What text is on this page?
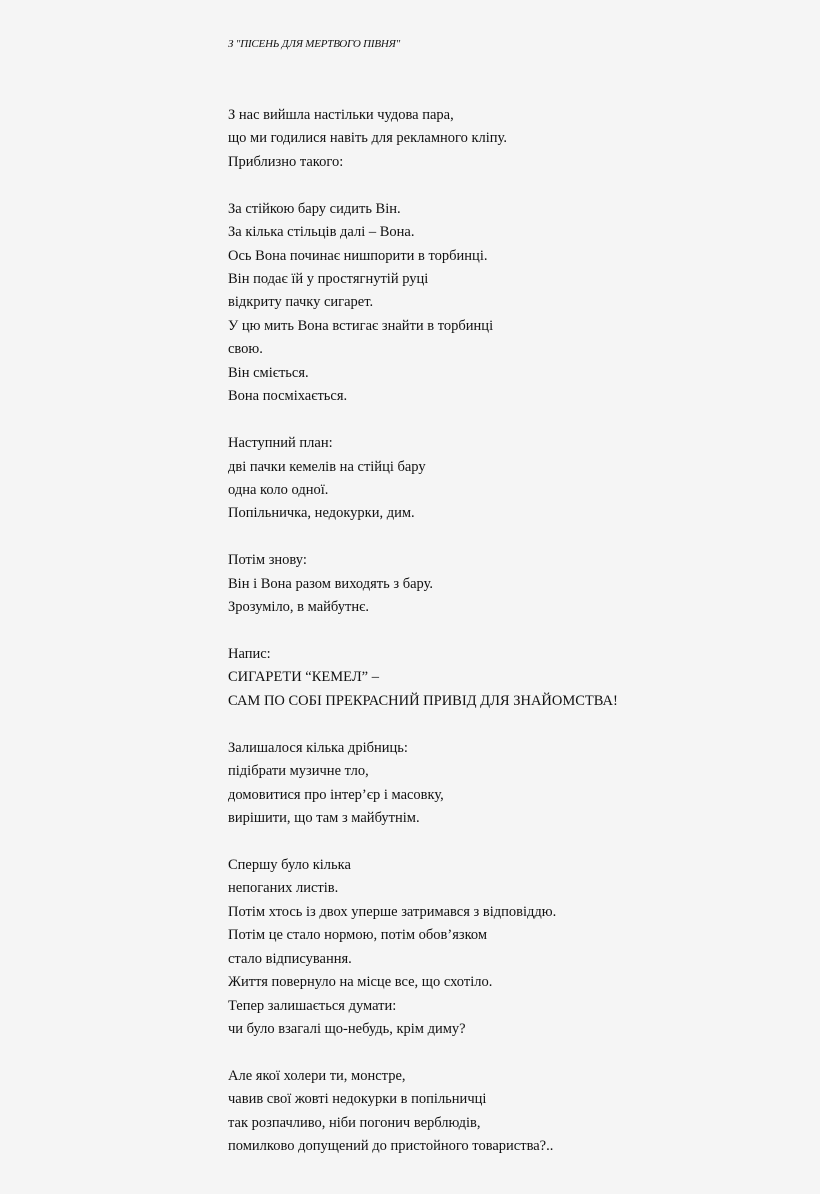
З "ПІСЕНЬ ДЛЯ МЕРТВОГО ПІВНЯ"
З нас вийшла настільки чудова пара,
що ми годилися навіть для рекламного кліпу.
Приблизно такого:
За стійкою бару сидить Він.
За кілька стільців далі – Вона.
Ось Вона починає нишпорити в торбинці.
Він подає їй у простягнутій руці
відкриту пачку сигарет.
У цю мить Вона встигає знайти в торбинці
свою.
Він сміється.
Вона посміхається.
Наступний план:
дві пачки кемелів на стійці бару
одна коло одної.
Попільничка, недокурки, дим.
Потім знову:
Він і Вона разом виходять з бару.
Зрозуміло, в майбутнє.
Напис:
СИГАРЕТИ “КЕМЕЛ” –
САМ ПО СОБІ ПРЕКРАСНИЙ ПРИВІД ДЛЯ ЗНАЙОМСТВА!
Залишалося кілька дрібниць:
підібрати музичне тло,
домовитися про інтер’єр і масовку,
вирішити, що там з майбутнім.
Спершу було кілька
непоганих листів.
Потім хтось із двох уперше затримався з відповіддю.
Потім це стало нормою, потім обов’язком
стало відписування.
Життя повернуло на місце все, що схотіло.
Тепер залишається думати:
чи було взагалі що-небудь, крім диму?
Але якої холери ти, монстре,
чавив свої жовті недокурки в попільничці
так розпачливо, ніби погонич верблюдів,
помилково допущений до пристойного товариства?..
